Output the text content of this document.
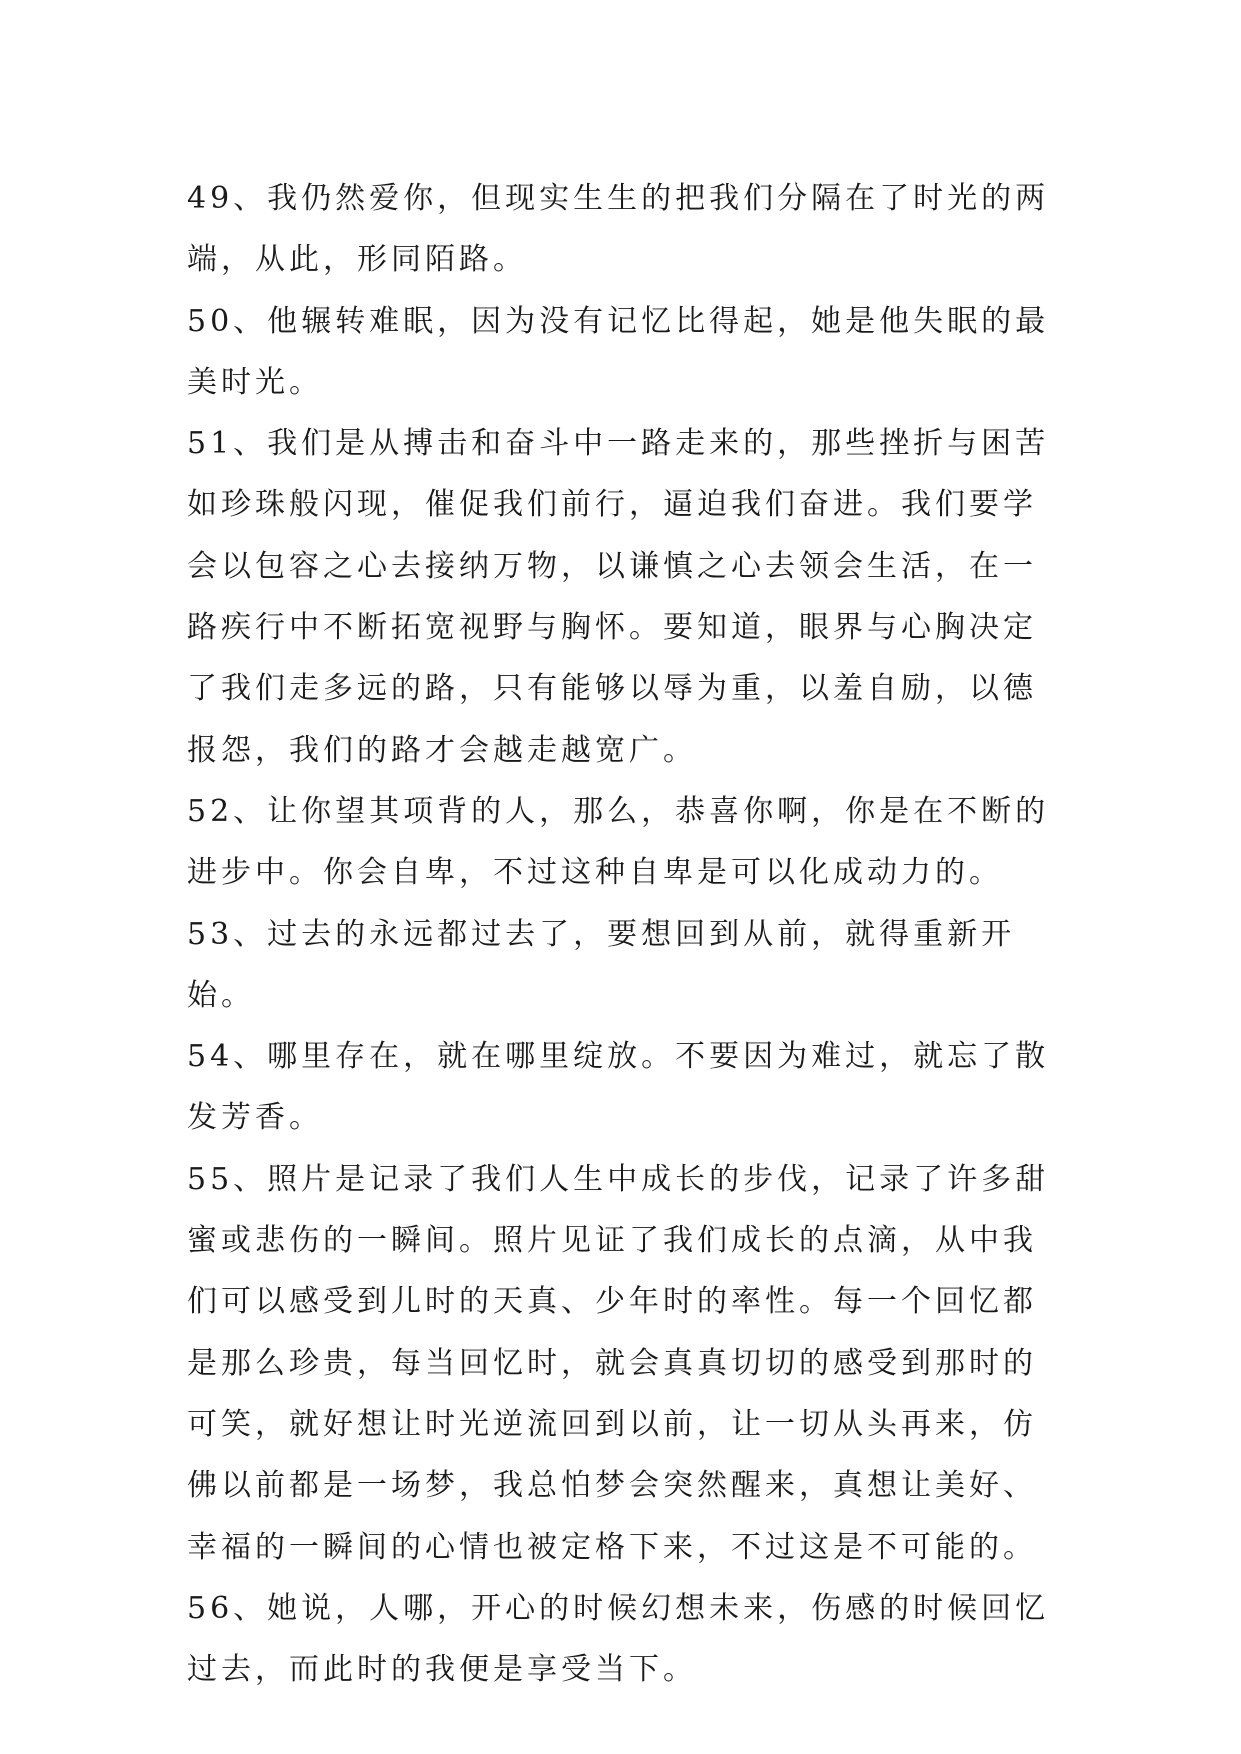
49、我仍然爱你，但现实生生的把我们分隔在了时光的两端，从此，形同陌路。

50、他辗转难眠，因为没有记忆比得起，她是他失眠的最美时光。

51、我们是从搏击和奋斗中一路走来的，那些挫折与困苦如珍珠般闪现，催促我们前行，逼迫我们奋进。我们要学会以包容之心去接纳万物，以谦慎之心去领会生活，在一路疾行中不断拓宽视野与胸怀。要知道，眼界与心胸决定了我们走多远的路，只有能够以辱为重，以羞自励，以德报怨，我们的路才会越走越宽广。

52、让你望其项背的人，那么，恭喜你啊，你是在不断的进步中。你会自卑，不过这种自卑是可以化成动力的。

53、过去的永远都过去了，要想回到从前，就得重新开始。

54、哪里存在，就在哪里绽放。不要因为难过，就忘了散发芳香。

55、照片是记录了我们人生中成长的步伐，记录了许多甜蜜或悲伤的一瞬间。照片见证了我们成长的点滴，从中我们可以感受到儿时的天真、少年时的率性。每一个回忆都是那么珍贵，每当回忆时，就会真真切切的感受到那时的可笑，就好想让时光逆流回到以前，让一切从头再来，仿佛以前都是一场梦，我总怕梦会突然醒来，真想让美好、幸福的一瞬间的心情也被定格下来，不过这是不可能的。

56、她说，人哪，开心的时候幻想未来，伤感的时候回忆过去，而此时的我便是享受当下。
